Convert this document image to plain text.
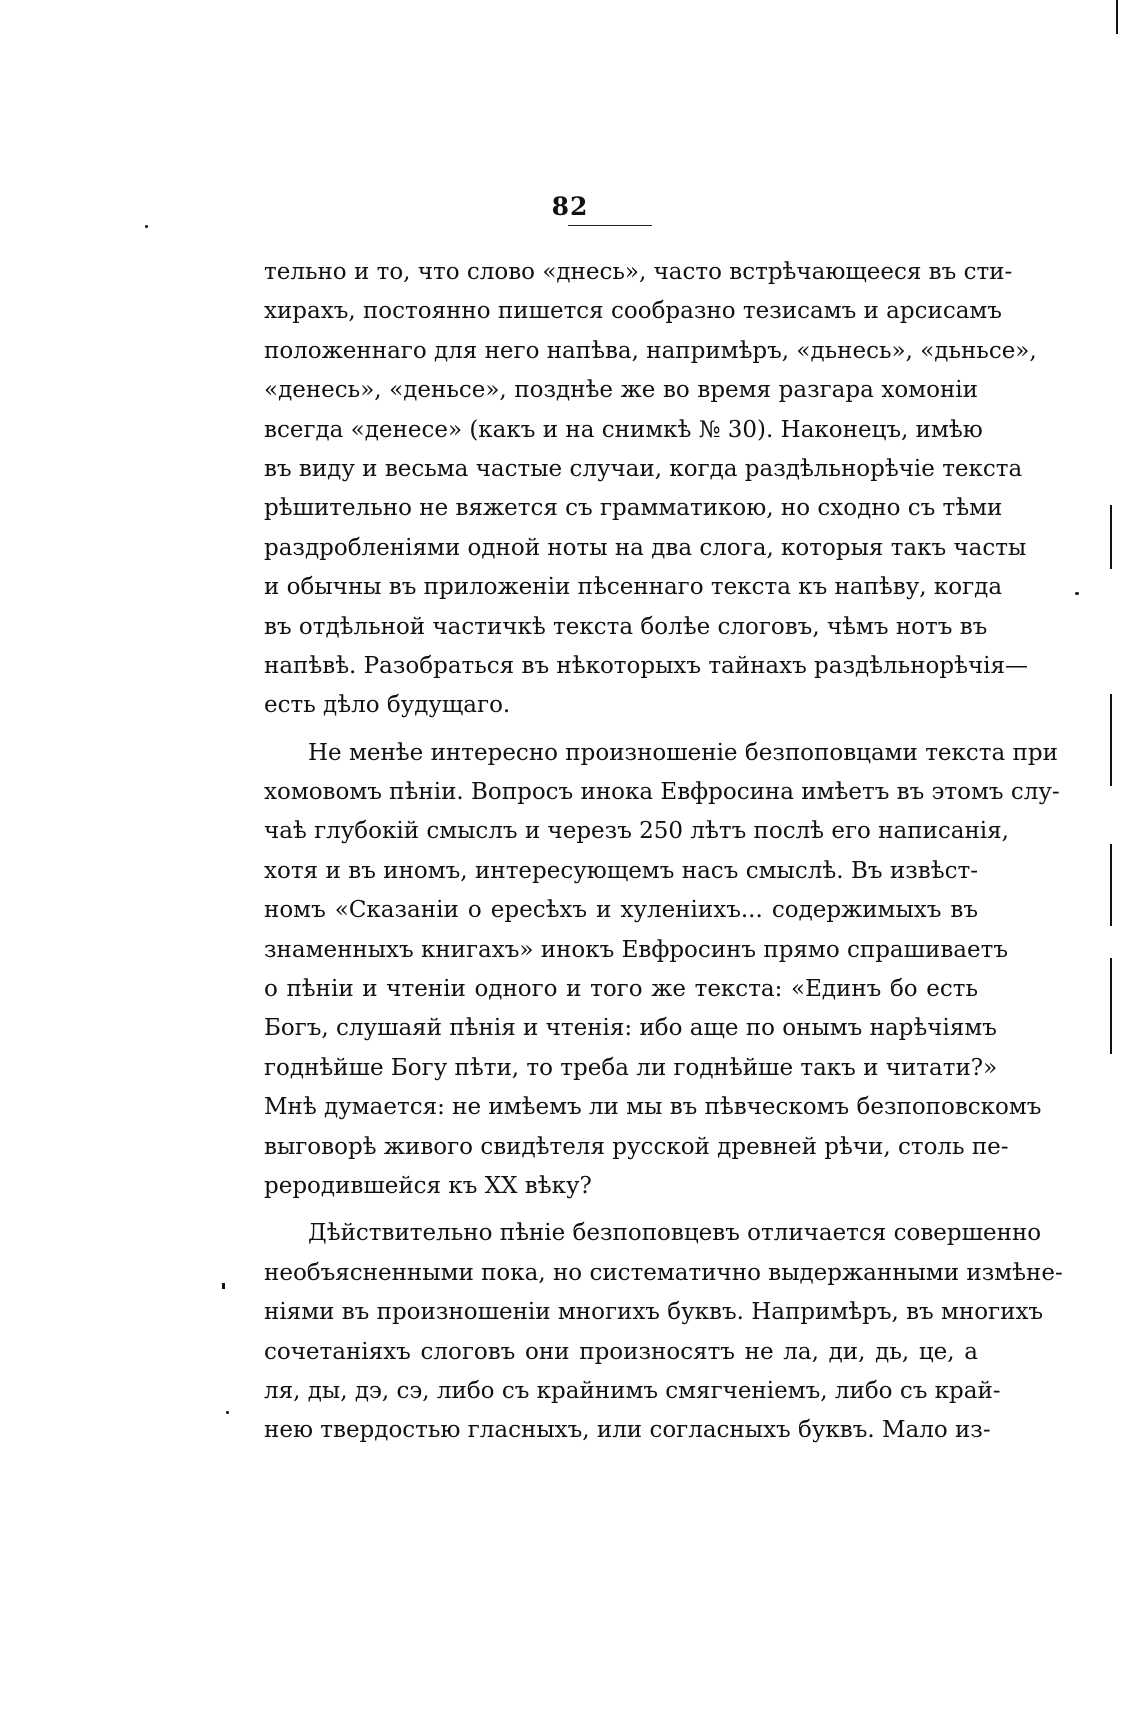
82
тельно и то, что слово «днесь», часто встрѣчающееся въ сти-
хирахъ, постоянно пишется сообразно тезисамъ и арсисамъ
положеннаго для него напѣва, напримѣръ, «дьнесь», «дьньсе»,
«денесь», «деньсе», позднѣе же во время разгара хомоніи
всегда «денесе» (какъ и на снимкѣ № 30). Наконецъ, имѣю
въ виду и весьма частые случаи, когда раздѣльнорѣчіе текста
рѣшительно не вяжется съ грамматикою, но сходно съ тѣми
раздробленіями одной ноты на два слога, которыя такъ часты
и обычны въ приложеніи пѣсеннаго текста къ напѣву, когда
въ отдѣльной частичкѣ текста болѣе слоговъ, чѣмъ нотъ въ
напѣвѣ. Разобраться въ нѣкоторыхъ тайнахъ раздѣльнорѣчія—
есть дѣло будущаго.
Не менѣе интересно произношеніе безпоповцами текста при
хомовомъ пѣніи. Вопросъ инока Евфросина имѣетъ въ этомъ слу-
чаѣ глубокій смыслъ и черезъ 250 лѣтъ послѣ его написанія,
хотя и въ иномъ, интересующемъ насъ смыслѣ. Въ извѣст-
номъ «Сказаніи о ересѣхъ и хуленіихъ... содержимыхъ въ
знаменныхъ книгахъ» инокъ Евфросинъ прямо спрашиваетъ
о пѣніи и чтеніи одного и того же текста: «Единъ бо есть
Богъ, слушаяй пѣнія и чтенія: ибо аще по онымъ нарѣчіямъ
годнѣйше Богу пѣти, то треба ли годнѣйше такъ и читати?»
Мнѣ думается: не имѣемъ ли мы въ пѣвческомъ безпоповскомъ
выговорѣ живого свидѣтеля русской древней рѣчи, столь пе-
реродившейся къ XX вѣку?
Дѣйствительно пѣніе безпоповцевъ отличается совершенно
необъясненными пока, но систематично выдержанными измѣне-
ніями въ произношеніи многихъ буквъ. Напримѣръ, въ многихъ
сочетаніяхъ слоговъ они произносятъ не ла, ди, дь, це, а
ля, ды, дэ, сэ, либо съ крайнимъ смягченіемъ, либо съ край-
нею твердостью гласныхъ, или согласныхъ буквъ. Мало из-
